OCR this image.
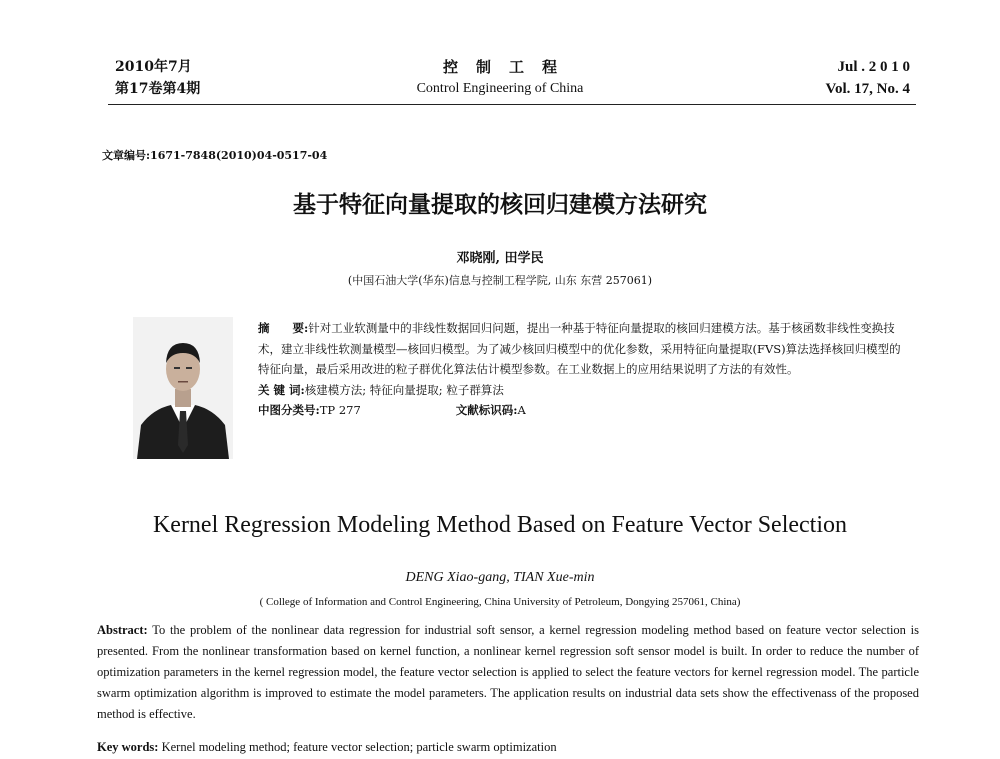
2010年7月
第17卷第4期
控制工程
Control Engineering of China
Jul . 2 0 1 0
Vol. 17, No. 4
文章编号:1671-7848(2010)04-0517-04
基于特征向量提取的核回归建模方法研究
邓晓刚, 田学民
(中国石油大学(华东)信息与控制工程学院, 山东 东营 257061)

摘　　要:针对工业软测量中的非线性数据回归问题，提出一种基于特征向量提取的核回归建模方法。基于核函数非线性变换技术，建立非线性软测量模型—核回归模型。为了减少核回归模型中的优化参数，采用特征向量提取(FVS)算法选择核回归模型的特征向量，最后采用改进的粒子群优化算法估计模型参数。在工业数据上的应用结果说明了方法的有效性。

关 键 词:核建模方法; 特征向量提取; 粒子群算法

中图分类号:TP 277	文献标识码:A

Kernel Regression Modeling Method Based on Feature Vector Selection
DENG Xiao-gang, TIAN Xue-min
( College of Information and Control Engineering, China University of Petroleum, Dongying 257061, China)
Abstract: To the problem of the nonlinear data regression for industrial soft sensor, a kernel regression modeling method based on feature vector selection is presented. From the nonlinear transformation based on kernel function, a nonlinear kernel regression soft sensor model is built. In order to reduce the number of optimization parameters in the kernel regression model, the feature vector selection is applied to select the feature vectors for kernel regression model. The particle swarm optimization algorithm is improved to estimate the model parameters. The application results on industrial data sets show the effectivenass of the proposed method is effective.
Key words: Kernel modeling method; feature vector selection; particle swarm optimization
